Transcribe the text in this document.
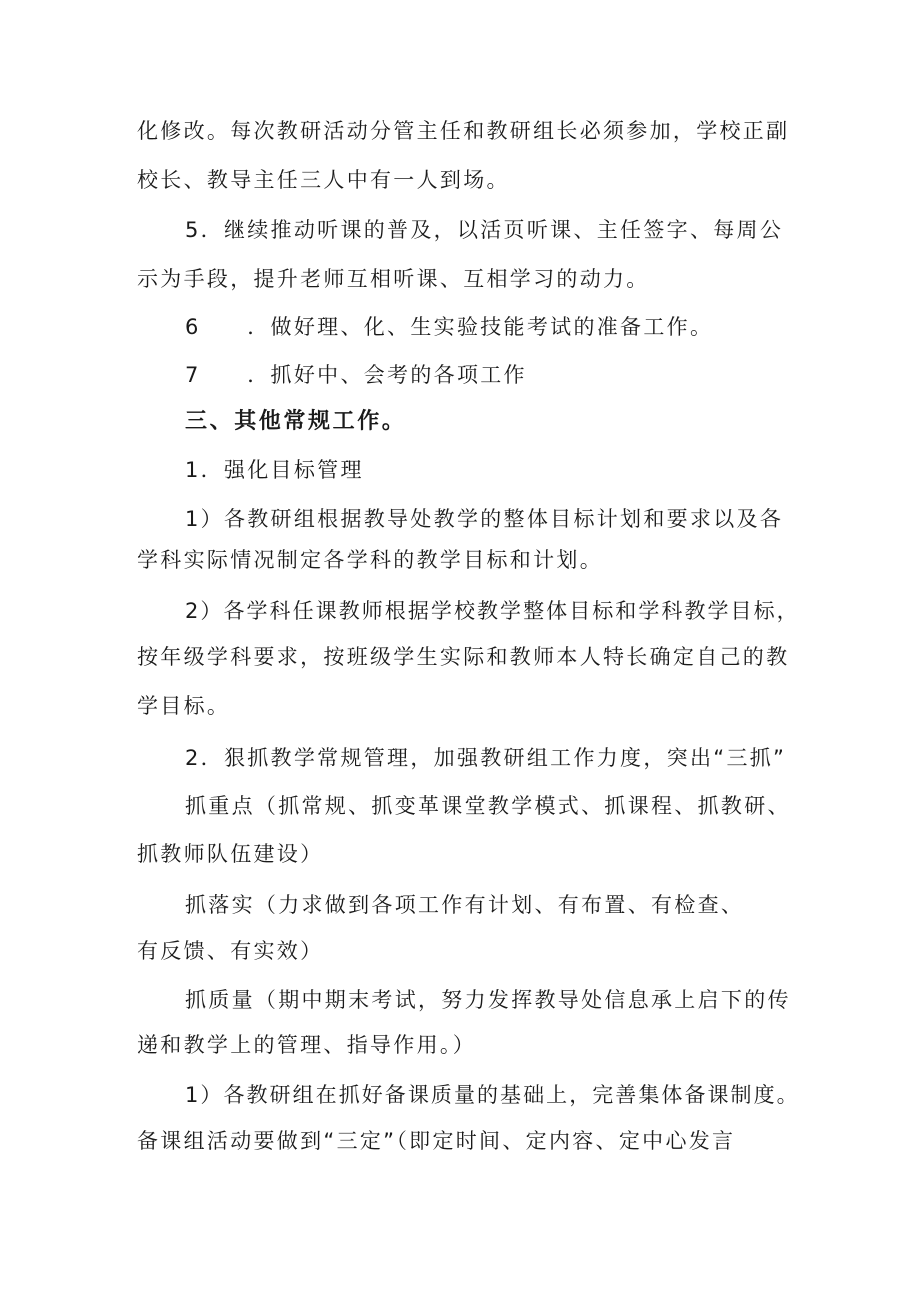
化修改。每次教研活动分管主任和教研组长必须参加，学校正副
校长、教导主任三人中有一人到场。
5．继续推动听课的普及，以活页听课、主任签字、每周公
示为手段，提升老师互相听课、互相学习的动力。
6　　．做好理、化、生实验技能考试的准备工作。
7　　．抓好中、会考的各项工作
三、其他常规工作。
1．强化目标管理
1）各教研组根据教导处教学的整体目标计划和要求以及各
学科实际情况制定各学科的教学目标和计划。
2）各学科任课教师根据学校教学整体目标和学科教学目标，
按年级学科要求，按班级学生实际和教师本人特长确定自己的教
学目标。
2．狠抓教学常规管理，加强教研组工作力度，突出“三抓”
抓重点（抓常规、抓变革课堂教学模式、抓课程、抓教研、
抓教师队伍建设）
抓落实（力求做到各项工作有计划、有布置、有检查、
有反馈、有实效）
抓质量（期中期末考试，努力发挥教导处信息承上启下的传
递和教学上的管理、指导作用。）
1）各教研组在抓好备课质量的基础上，完善集体备课制度。
备课组活动要做到“三定”（即定时间、定内容、定中心发言
